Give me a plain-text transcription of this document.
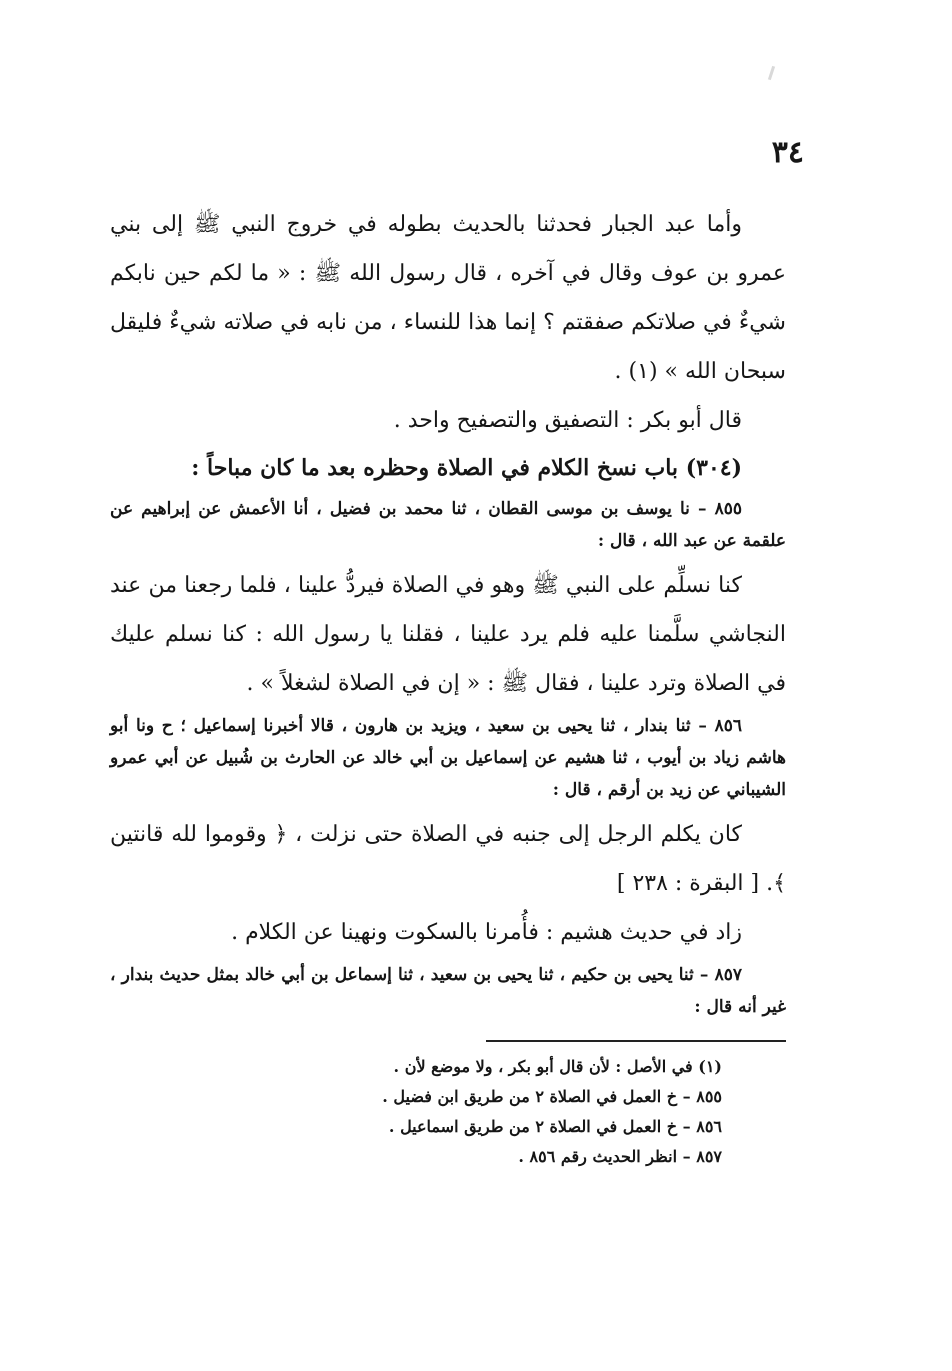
٣٤

وأما عبد الجبار فحدثنا بالحديث بطوله في خروج النبي ﷺ إلى بني عمرو بن عوف وقال في آخره ، قال رسول الله ﷺ : « ما لكم حين نابكم شيءٌ في صلاتكم صفقتم ؟ إنما هذا للنساء ، من نابه في صلاته شيءٌ فليقل سبحان الله » (١) .

قال أبو بكر : التصفيق والتصفيح واحد .

(٣٠٤) باب نسخ الكلام في الصلاة وحظره بعد ما كان مباحاً :

٨٥٥ – نا يوسف بن موسى القطان ، ثنا محمد بن فضيل ، أنا الأعمش عن إبراهيم عن علقمة عن عبد الله ، قال :

كنا نسلِّم على النبي ﷺ وهو في الصلاة فيردُّ علينا ، فلما رجعنا من عند النجاشي سلَّمنا عليه فلم يرد علينا ، فقلنا يا رسول الله : كنا نسلم عليك في الصلاة وترد علينا ، فقال ﷺ : « إن في الصلاة لشغلاً » .

٨٥٦ – ثنا بندار ، ثنا يحيى بن سعيد ، ويزيد بن هارون ، قالا أخبرنا إسماعيل ؛ ح ونا أبو هاشم زياد بن أيوب ، ثنا هشيم عن إسماعيل بن أبي خالد عن الحارث بن شُبيل عن أبي عمرو الشيباني عن زيد بن أرقم ، قال :

كان يكلم الرجل إلى جنبه في الصلاة حتى نزلت ، ﴿ وقوموا لله قانتين ﴾. [ البقرة : ٢٣٨ ]

زاد في حديث هشيم : فأُمرنا بالسكوت ونهينا عن الكلام .

٨٥٧ – ثنا يحيى بن حكيم ، ثنا يحيى بن سعيد ، ثنا إسماعل بن أبي خالد بمثل حديث بندار ، غير أنه قال :

(١) في الأصل : لأن قال أبو بكر ، ولا موضع لأن .

٨٥٥ – خ العمل في الصلاة ٢ من طريق ابن فضيل .

٨٥٦ – خ العمل في الصلاة ٢ من طريق اسماعيل .

٨٥٧ – انظر الحديث رقم ٨٥٦ .
